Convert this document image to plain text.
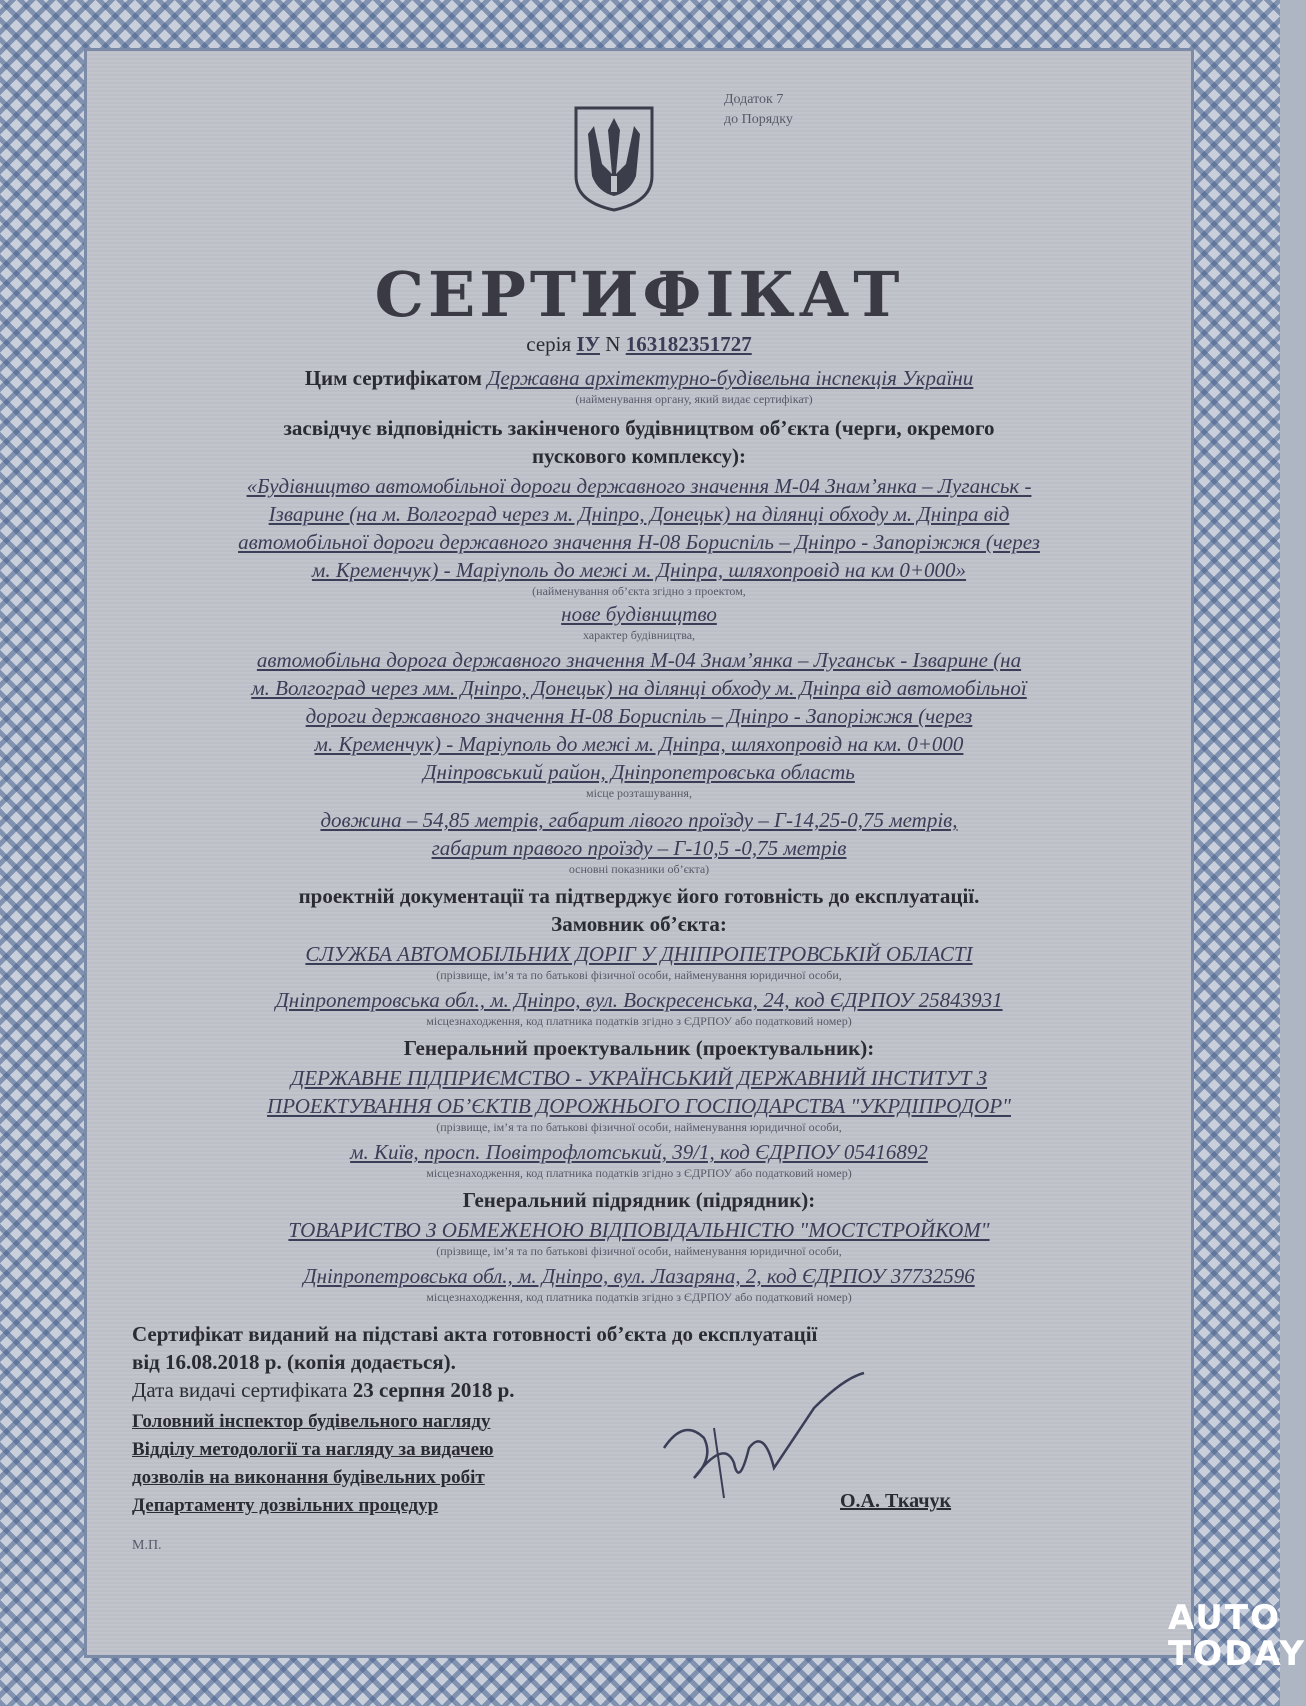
Додаток 7
до Порядку
СЕРТИФІКАТ
серія ІУ N 163182351727
Цим сертифікатом Державна архітектурно-будівельна інспекція України
(найменування органу, який видає сертифікат)
засвідчує відповідність закінченого будівництвом об’єкта (черги, окремого
пускового комплексу):
«Будівництво автомобільної дороги державного значення М-04 Знам’янка – Луганськ -
Ізварине (на м. Волгоград через м. Дніпро, Донецьк) на ділянці обходу м. Дніпра від
автомобільної дороги державного значення Н-08 Бориспіль – Дніпро - Запоріжжя (через
м. Кременчук) - Маріуполь до межі м. Дніпра, шляхопровід на км 0+000»
(найменування об’єкта згідно з проектом,
нове будівництво
характер будівництва,
автомобільна дорога державного значення М-04 Знам’янка – Луганськ - Ізварине (на
м. Волгоград через мм. Дніпро, Донецьк) на ділянці обходу м. Дніпра від автомобільної
дороги державного значення Н-08 Бориспіль – Дніпро - Запоріжжя (через
м. Кременчук) - Маріуполь до межі м. Дніпра, шляхопровід на км. 0+000
Дніпровський район, Дніпропетровська область
місце розташування,
довжина – 54,85 метрів, габарит лівого проїзду – Г-14,25-0,75 метрів,
габарит правого проїзду – Г-10,5 -0,75 метрів
основні показники об’єкта)
проектній документації та підтверджує його готовність до експлуатації.
Замовник об’єкта:
СЛУЖБА АВТОМОБІЛЬНИХ ДОРІГ У ДНІПРОПЕТРОВСЬКІЙ ОБЛАСТІ
(прізвище, ім’я та по батькові фізичної особи, найменування юридичної особи,
Дніпропетровська обл., м. Дніпро, вул. Воскресенська, 24, код ЄДРПОУ 25843931
місцезнаходження, код платника податків згідно з ЄДРПОУ або податковий номер)
Генеральний проектувальник (проектувальник):
ДЕРЖАВНЕ ПІДПРИЄМСТВО - УКРАЇНСЬКИЙ ДЕРЖАВНИЙ ІНСТИТУТ З
ПРОЕКТУВАННЯ ОБ’ЄКТІВ ДОРОЖНЬОГО ГОСПОДАРСТВА "УКРДІПРОДОР"
(прізвище, ім’я та по батькові фізичної особи, найменування юридичної особи,
м. Київ, просп. Повітрофлотський, 39/1, код ЄДРПОУ 05416892
місцезнаходження, код платника податків згідно з ЄДРПОУ або податковий номер)
Генеральний підрядник (підрядник):
ТОВАРИСТВО З ОБМЕЖЕНОЮ ВІДПОВІДАЛЬНІСТЮ "МОСТСТРОЙКОМ"
(прізвище, ім’я та по батькові фізичної особи, найменування юридичної особи,
Дніпропетровська обл., м. Дніпро, вул. Лазаряна, 2, код ЄДРПОУ 37732596
місцезнаходження, код платника податків згідно з ЄДРПОУ або податковий номер)
Сертифікат виданий на підставі акта готовності об’єкта до експлуатації
від 16.08.2018 р. (копія додається).
Дата видачі сертифіката 23 серпня 2018 р.
Головний інспектор будівельного нагляду
Відділу методології та нагляду за видачею
дозволів на виконання будівельних робіт
Департаменту дозвільних процедур	О.А. Ткачук
М.П.
AUTO
TODAY
